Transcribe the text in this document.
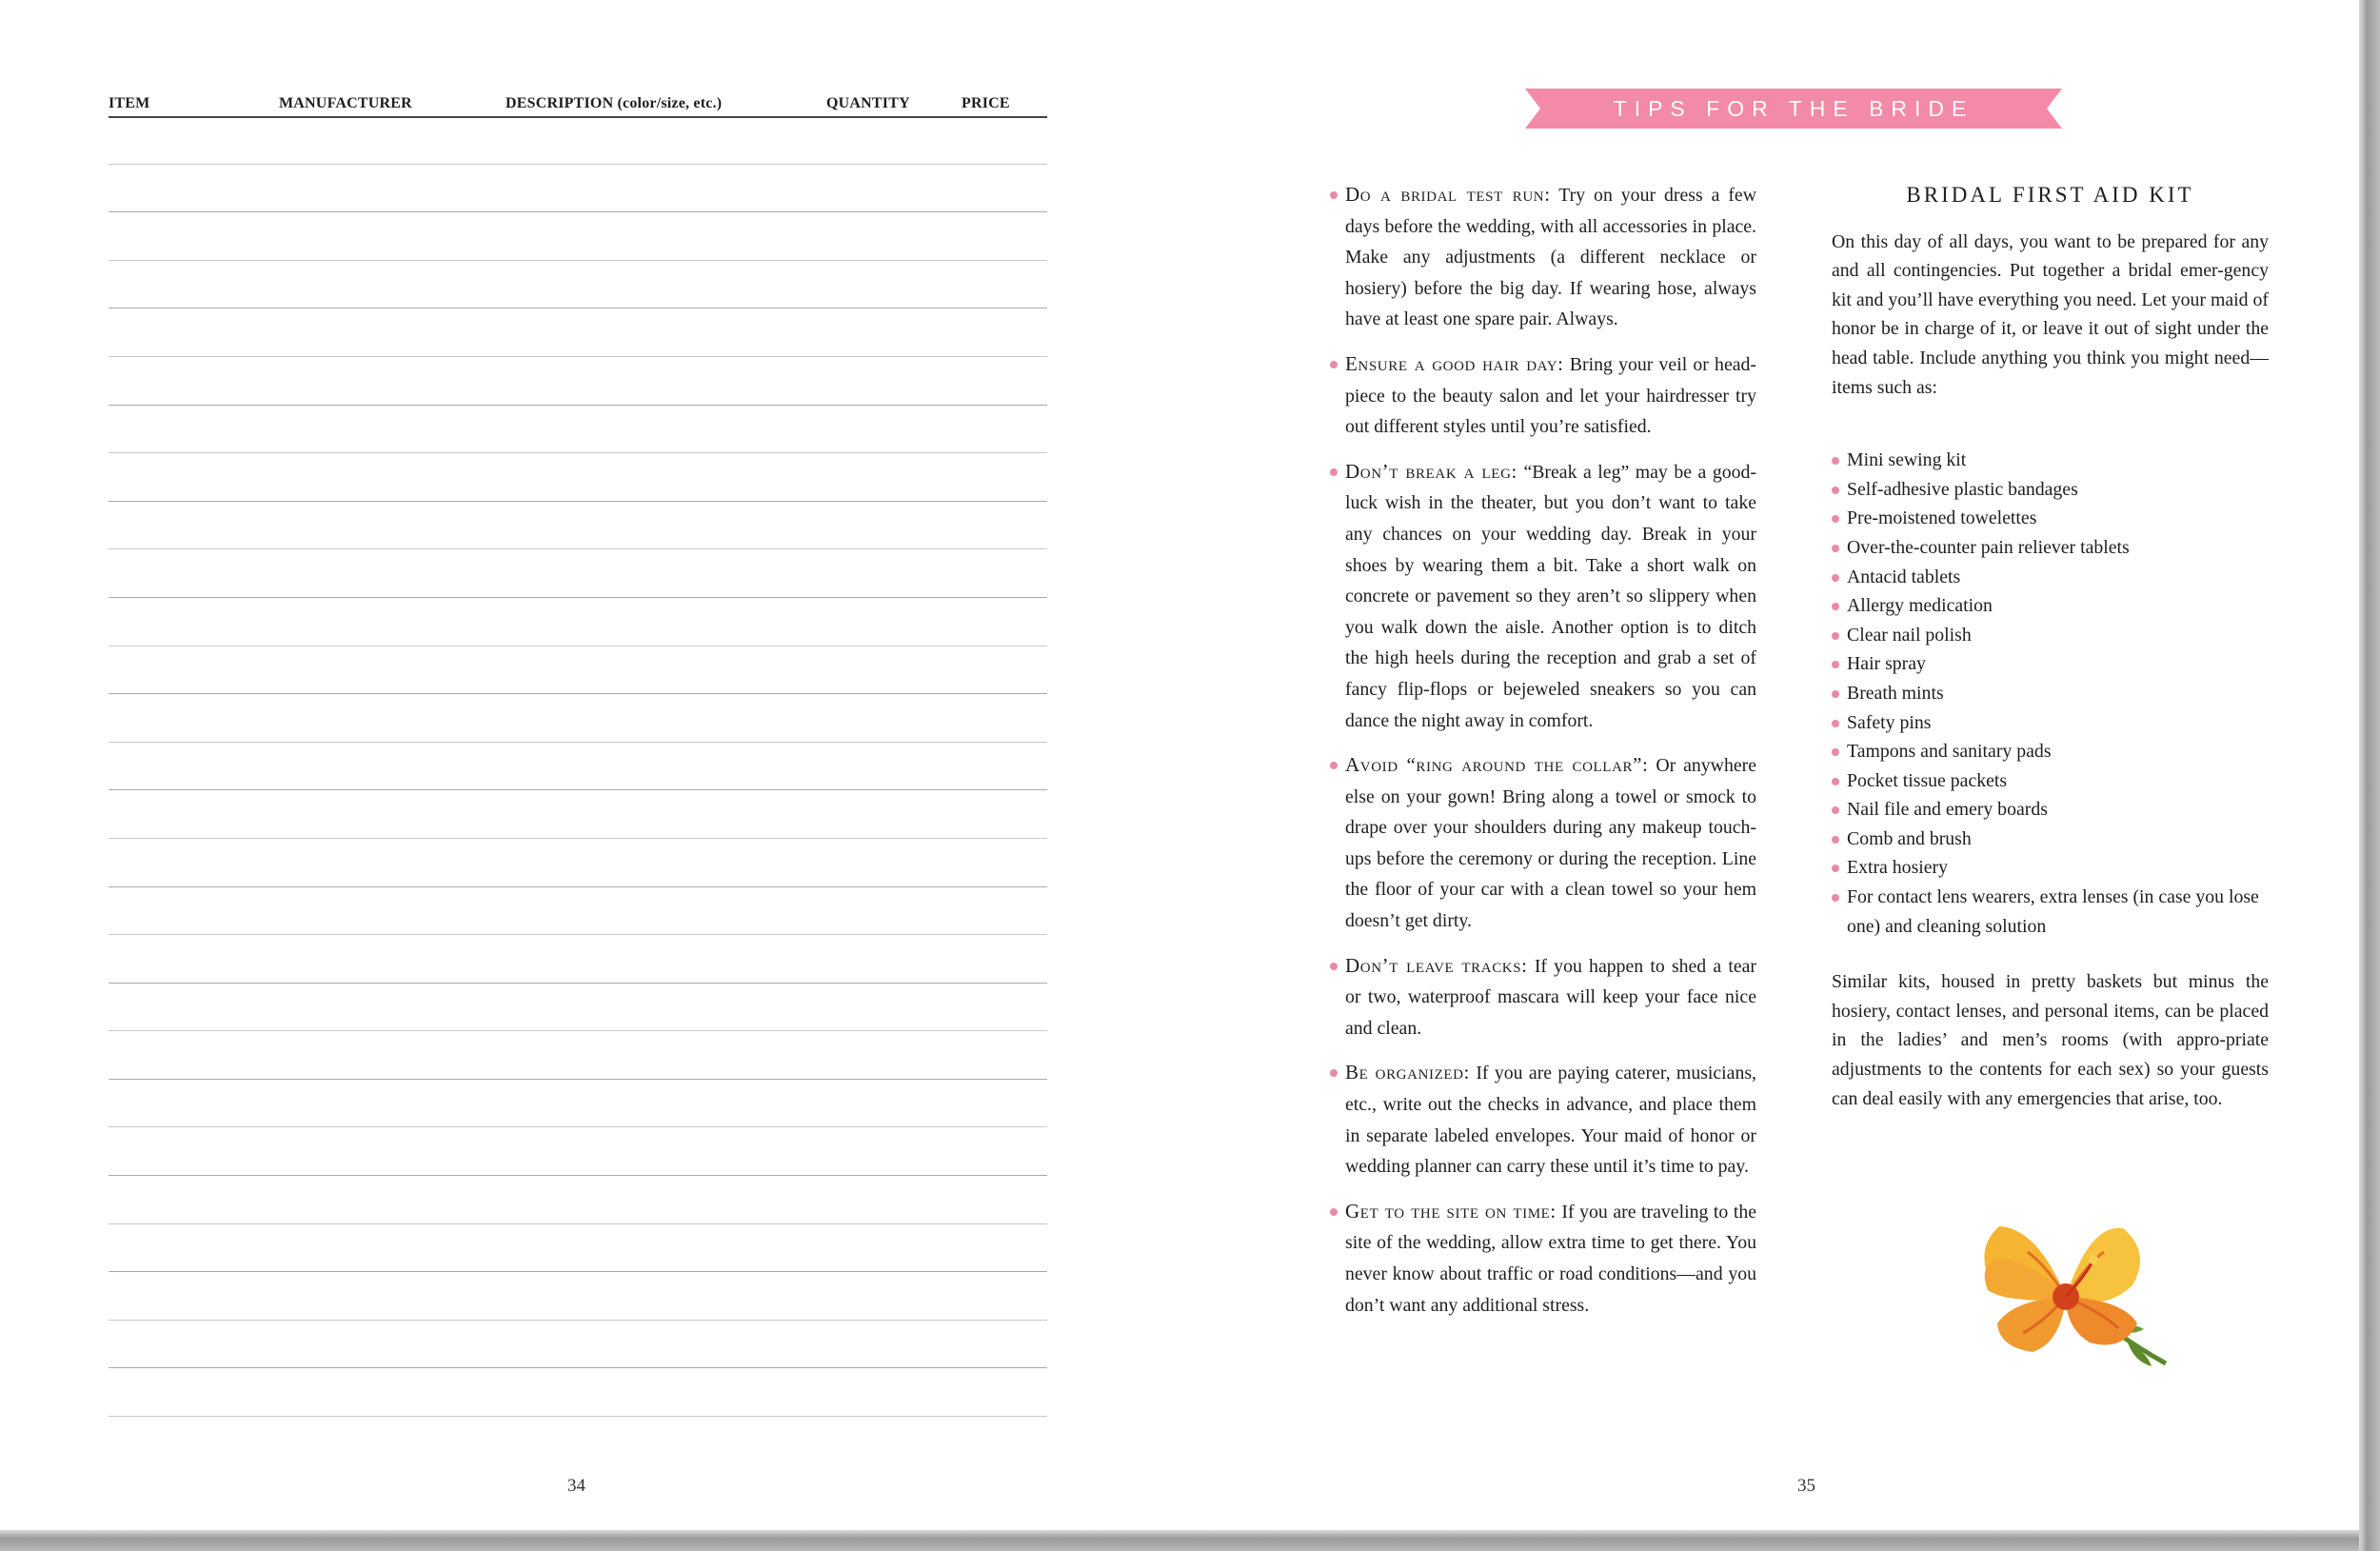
ITEM	MANUFACTURER	DESCRIPTION (color/size, etc.)	QUANTITY	PRICE
34
TIPS FOR THE BRIDE
Do a bridal test run: Try on your dress a few days before the wedding, with all accessories in place. Make any adjustments (a different necklace or hosiery) before the big day. If wearing hose, always have at least one spare pair. Always.
Ensure a good hair day: Bring your veil or head-piece to the beauty salon and let your hairdresser try out different styles until you’re satisfied.
Don’t break a leg: “Break a leg” may be a good-luck wish in the theater, but you don’t want to take any chances on your wedding day. Break in your shoes by wearing them a bit. Take a short walk on concrete or pavement so they aren’t so slippery when you walk down the aisle. Another option is to ditch the high heels during the reception and grab a set of fancy flip-flops or bejeweled sneakers so you can dance the night away in comfort.
Avoid “ring around the collar”: Or anywhere else on your gown! Bring along a towel or smock to drape over your shoulders during any makeup touch-ups before the ceremony or during the reception. Line the floor of your car with a clean towel so your hem doesn’t get dirty.
Don’t leave tracks: If you happen to shed a tear or two, waterproof mascara will keep your face nice and clean.
Be organized: If you are paying caterer, musicians, etc., write out the checks in advance, and place them in separate labeled envelopes. Your maid of honor or wedding planner can carry these until it’s time to pay.
Get to the site on time: If you are traveling to the site of the wedding, allow extra time to get there. You never know about traffic or road conditions—and you don’t want any additional stress.
BRIDAL FIRST AID KIT

On this day of all days, you want to be prepared for any and all contingencies. Put together a bridal emer-gency kit and you’ll have everything you need. Let your maid of honor be in charge of it, or leave it out of sight under the head table. Include anything you think you might need—items such as:

Mini sewing kit
Self-adhesive plastic bandages
Pre-moistened towelettes
Over-the-counter pain reliever tablets
Antacid tablets
Allergy medication
Clear nail polish
Hair spray
Breath mints
Safety pins
Tampons and sanitary pads
Pocket tissue packets
Nail file and emery boards
Comb and brush
Extra hosiery
For contact lens wearers, extra lenses (in case you lose one) and cleaning solution

Similar kits, housed in pretty baskets but minus the hosiery, contact lenses, and personal items, can be placed in the ladies’ and men’s rooms (with appro-priate adjustments to the contents for each sex) so your guests can deal easily with any emergencies that arise, too.

35
